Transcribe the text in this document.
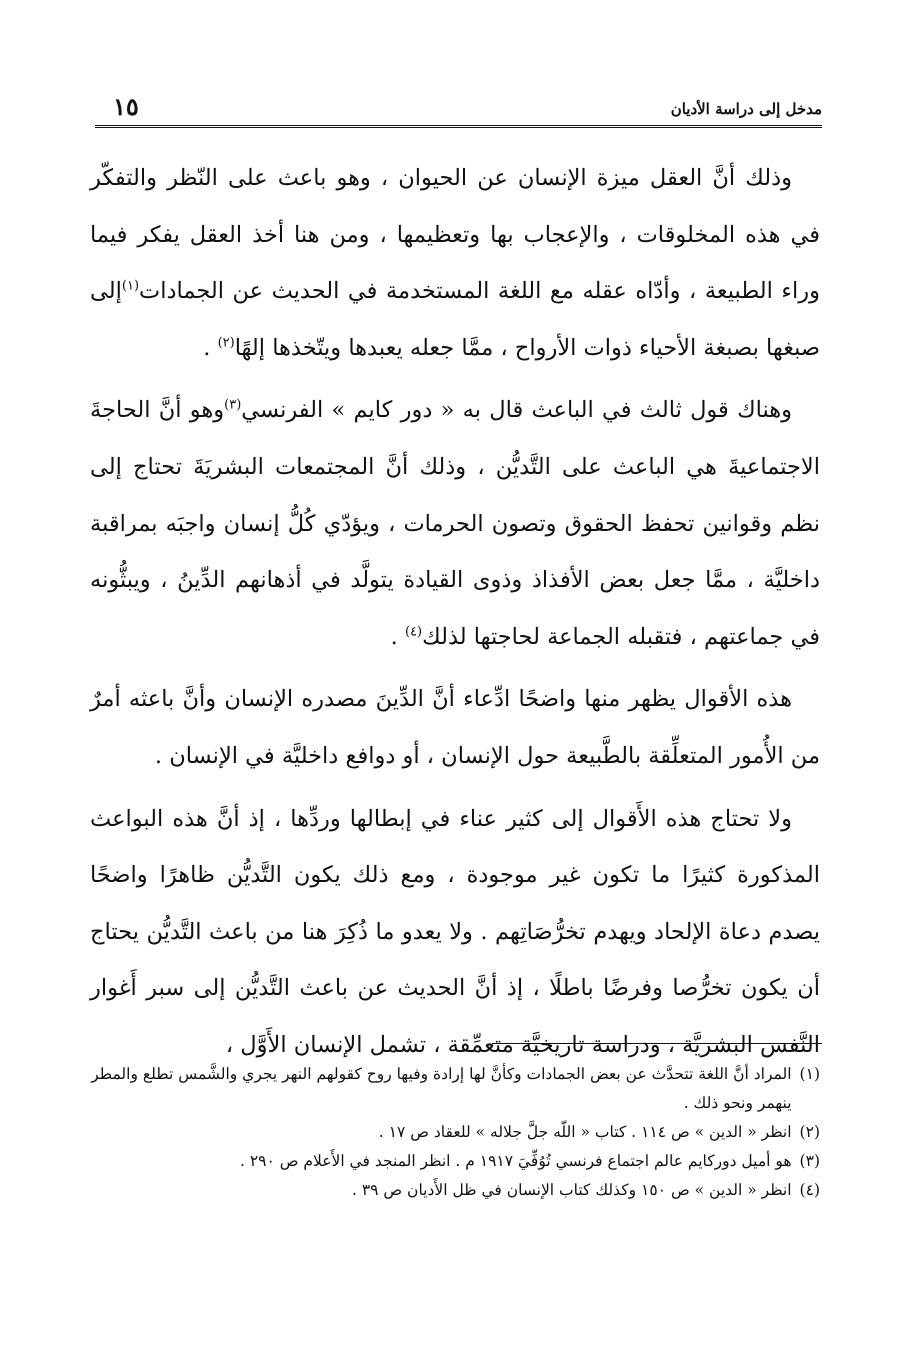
مدخل إلى دراسة الأديان
١٥

وذلك أنَّ العقل ميزة الإنسان عن الحيوان ، وهو باعث على النّظر والتفكّر في هذه المخلوقات ، والإعجاب بها وتعظيمها ، ومن هنا أخذ العقل يفكر فيما وراء الطبيعة ، وأدّاه عقله مع اللغة المستخدمة في الحديث عن الجمادات$^{(١)}$إلى صبغها بصبغة الأحياء ذوات الأرواح ، ممَّا جعله يعبدها ويتّخذها إلهًا$^{(٢)}$ .

وهناك قول ثالث في الباعث قال به « دور كايم » الفرنسي$^{(٣)}$وهو أنَّ الحاجةَ الاجتماعيةَ هي الباعث على التَّديُّن ، وذلك أنَّ المجتمعات البشريَةَ تحتاج إلى نظم وقوانين تحفظ الحقوق وتصون الحرمات ، ويؤدّي كُلُّ إنسان واجبَه بمراقبة داخليَّة ، ممَّا جعل بعض الأفذاذ وذوى القيادة يتولَّد في أذهانهم الدِّينُ ، ويبثُّونه في جماعتهم ، فتقبله الجماعة لحاجتها لذلك$^{(٤)}$ .

هذه الأقوال يظهر منها واضحًا ادِّعاء أنَّ الدِّينَ مصدره الإنسان وأنَّ باعثه أمرٌ من الأُمور المتعلِّقة بالطَّبيعة حول الإنسان ، أو دوافع داخليَّة في الإنسان .

ولا تحتاج هذه الأَقوال إلى كثير عناء في إبطالها وردِّها ، إذ أنَّ هذه البواعث المذكورة كثيرًا ما تكون غير موجودة ، ومع ذلك يكون التَّديُّن ظاهرًا واضحًا يصدم دعاة الإلحاد ويهدم تخرُّصَاتِهم . ولا يعدو ما ذُكِرَ هنا من باعث التَّديُّن يحتاج أن يكون تخرُّصا وفرضًا باطلًا ، إذ أنَّ الحديث عن باعث التَّديُّن إلى سبر أَغوار النَّفس البشريَّة ، ودراسة تاريخيَّة متعمِّقة ، تشمل الإنسان الأَوَّل ،

(١)
المراد أنَّ اللغة تتحدَّث عن بعض الجمادات وكأنَّ لها إرادة وفيها روح كقولهم النهر يجري والشَّمس تطلع والمطر ينهمر ونحو ذلك .
(٢)
انظر « الدين » ص ١١٤ . كتاب « اللّه جلَّ جلاله » للعقاد ص ١٧ .
(٣)
هو أميل دوركايم عالم اجتماع فرنسي تُوُفِّيَ ١٩١٧ م . انظر المنجد في الأَعلام ص ٢٩٠ .
(٤)
انظر « الدين » ص ١٥٠ وكذلك كتاب الإنسان في ظل الأَديان ص ٣٩ .
